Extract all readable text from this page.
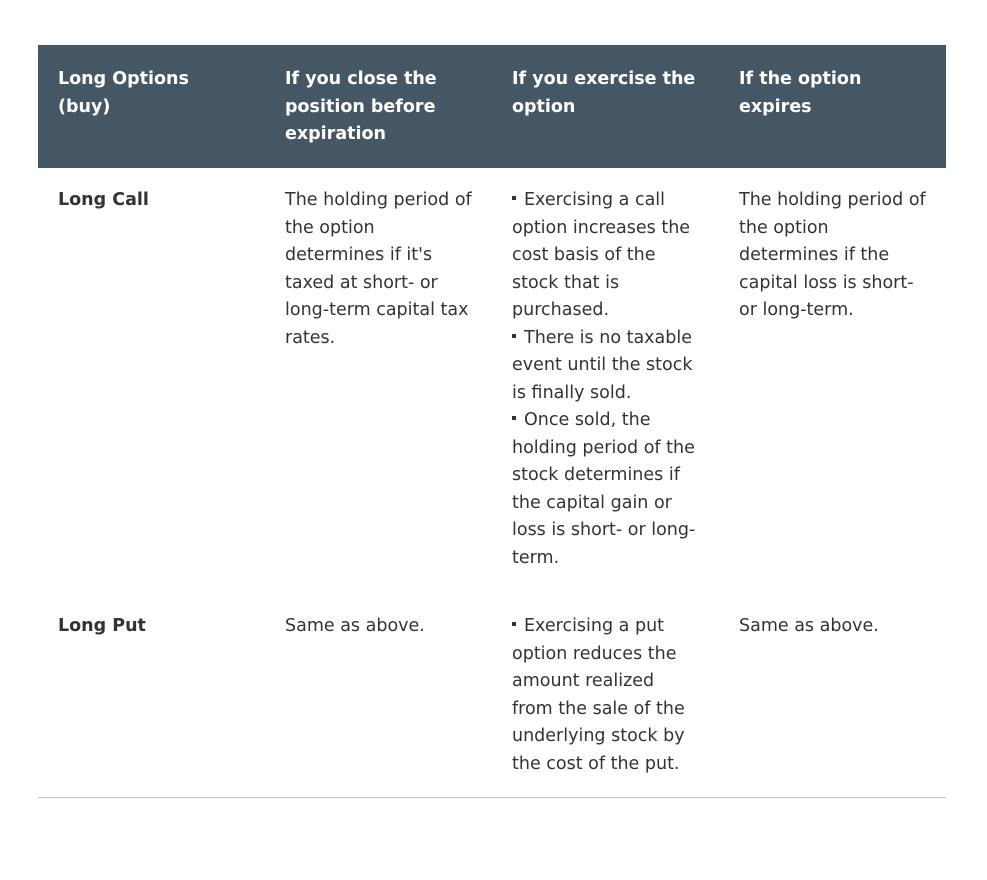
Long Options (buy)	If you close the position before expiration	If you exercise the option	If the option expires
Long Call	The holding period of the option determines if it's taxed at short- or long-term capital tax rates.	Exercising a call option increases the cost basis of the stock that is purchased.
There is no taxable event until the stock is finally sold.
Once sold, the holding period of the stock determines if the capital gain or loss is short- or long-term.	The holding period of the option determines if the capital loss is short- or long-term.
Long Put	Same as above.	Exercising a put option reduces the amount realized from the sale of the underlying stock by the cost of the put.	Same as above.
